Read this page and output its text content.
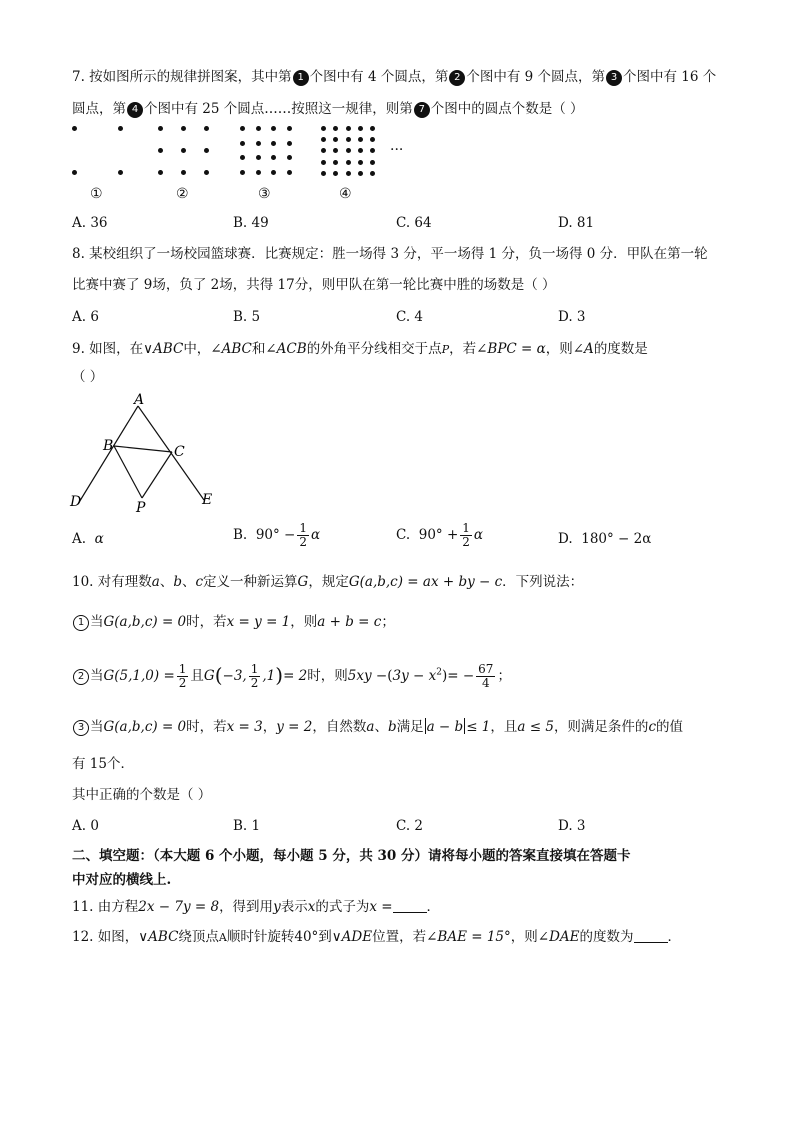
7. 按如图所示的规律拼图案，其中第 1 个图中有 4 个圆点，第 2 个图中有 9 个圆点，第 3 个图中有 16 个
圆点，第 4 个图中有 25 个圆点……按照这一规律，则第 7 个图中的圆点个数是（ ）
···
①	②	③	④
A. 36	B. 49	C. 64	D. 81
8. 某校组织了一场校园篮球赛．比赛规定：胜一场得 3 分，平一场得 1 分，负一场得 0 分．甲队在第一轮
比赛中赛了 9场，负了 2场，共得 17分，则甲队在第一轮比赛中胜的场数是（ ）
A. 6	B. 5	C. 4	D. 3
9. 如图，在∨ABC中，∠ABC和∠ACB的外角平分线相交于点P，若∠BPC = α，则∠A的度数是
（ ）
A
B	C
D	E
P
A. α	B. $90^\circ - \frac{1}{2}$ α	C. $90^\circ + \frac{1}{2}$ α	D. 180° − 2α
10. 对有理数a、b、c定义一种新运算G，规定G(a,b,c) = ax + by − c．下列说法：
1 当G(a,b,c) = 0时，若x = y = 1，则a + b = c；
2 当$G(5,1,0) = \frac{1}{2}$ 且G(−3, $\frac{1}{2} ,1)= 2$时，则$5xy -(3y - x^2)= - \frac{67}{4}$ ；
3 当G(a,b,c) = 0时，若x = 3，y = 2，自然数a、b满足 a − b ≤ 1，且a ≤ 5，则满足条件的c的值
有 15个．
其中正确的个数是（ ）
A. 0	B. 1	C. 2	D. 3
二、填空题：（本大题 6 个小题，每小题 5 分，共 30 分）请将每小题的答案直接填在答题卡
中对应的横线上.
11. 由方程2x − 7y = 8，得到用y表示x的式子为x =	．
12. 如图，∨ABC绕顶点A顺时针旋转40°到∨ADE位置，若∠BAE = 15°，则∠DAE的度数为	．
